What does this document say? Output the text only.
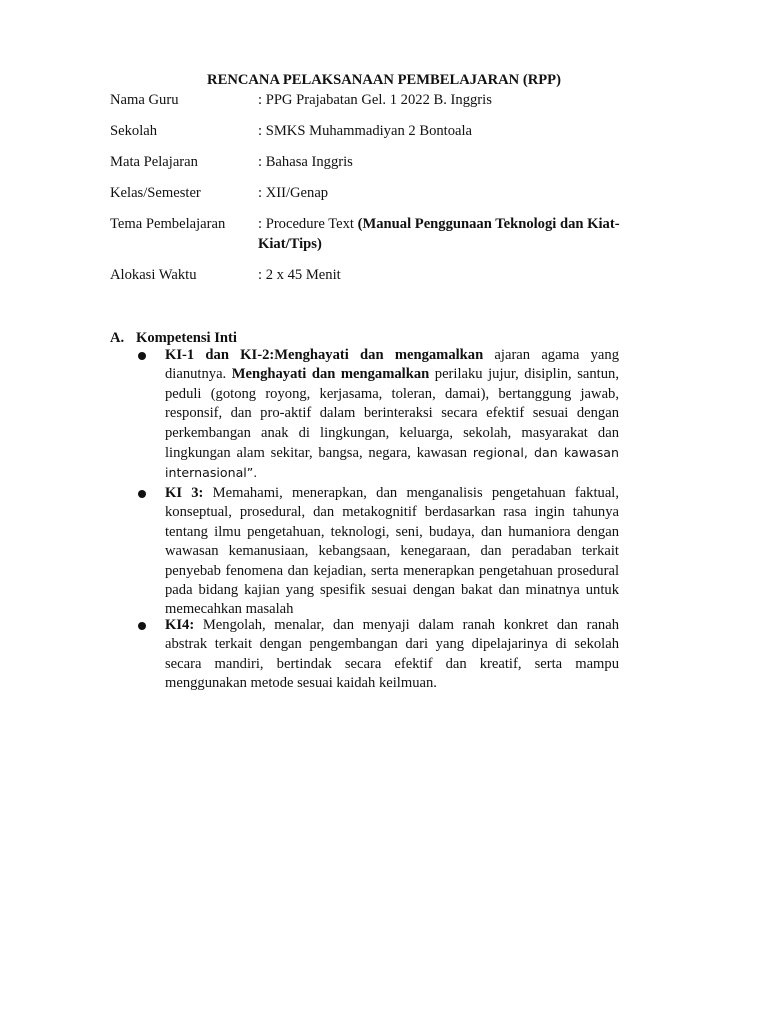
RENCANA PELAKSANAAN PEMBELAJARAN (RPP)
Nama Guru	: PPG Prajabatan Gel. 1 2022 B. Inggris
Sekolah	: SMKS Muhammadiyan 2 Bontoala
Mata Pelajaran	: Bahasa Inggris
Kelas/Semester	: XII/Genap
Tema Pembelajaran	: Procedure Text (Manual Penggunaan Teknologi dan Kiat-Kiat/Tips)
Alokasi Waktu	: 2 x 45 Menit
A. Kompetensi Inti
KI-1 dan KI-2:Menghayati dan mengamalkan ajaran agama yang dianutnya. Menghayati dan mengamalkan perilaku jujur, disiplin, santun, peduli (gotong royong, kerjasama, toleran, damai), bertanggung jawab, responsif, dan pro-aktif dalam berinteraksi secara efektif sesuai dengan perkembangan anak di lingkungan, keluarga, sekolah, masyarakat dan lingkungan alam sekitar, bangsa, negara, kawasan regional, dan kawasan internasional”.
KI 3: Memahami, menerapkan, dan menganalisis pengetahuan faktual, konseptual, prosedural, dan metakognitif berdasarkan rasa ingin tahunya tentang ilmu pengetahuan, teknologi, seni, budaya, dan humaniora dengan wawasan kemanusiaan, kebangsaan, kenegaraan, dan peradaban terkait penyebab fenomena dan kejadian, serta menerapkan pengetahuan prosedural pada bidang kajian yang spesifik sesuai dengan bakat dan minatnya untuk memecahkan masalah
KI4: Mengolah, menalar, dan menyaji dalam ranah konkret dan ranah abstrak terkait dengan pengembangan dari yang dipelajarinya di sekolah secara mandiri, bertindak secara efektif dan kreatif, serta mampu menggunakan metode sesuai kaidah keilmuan.
